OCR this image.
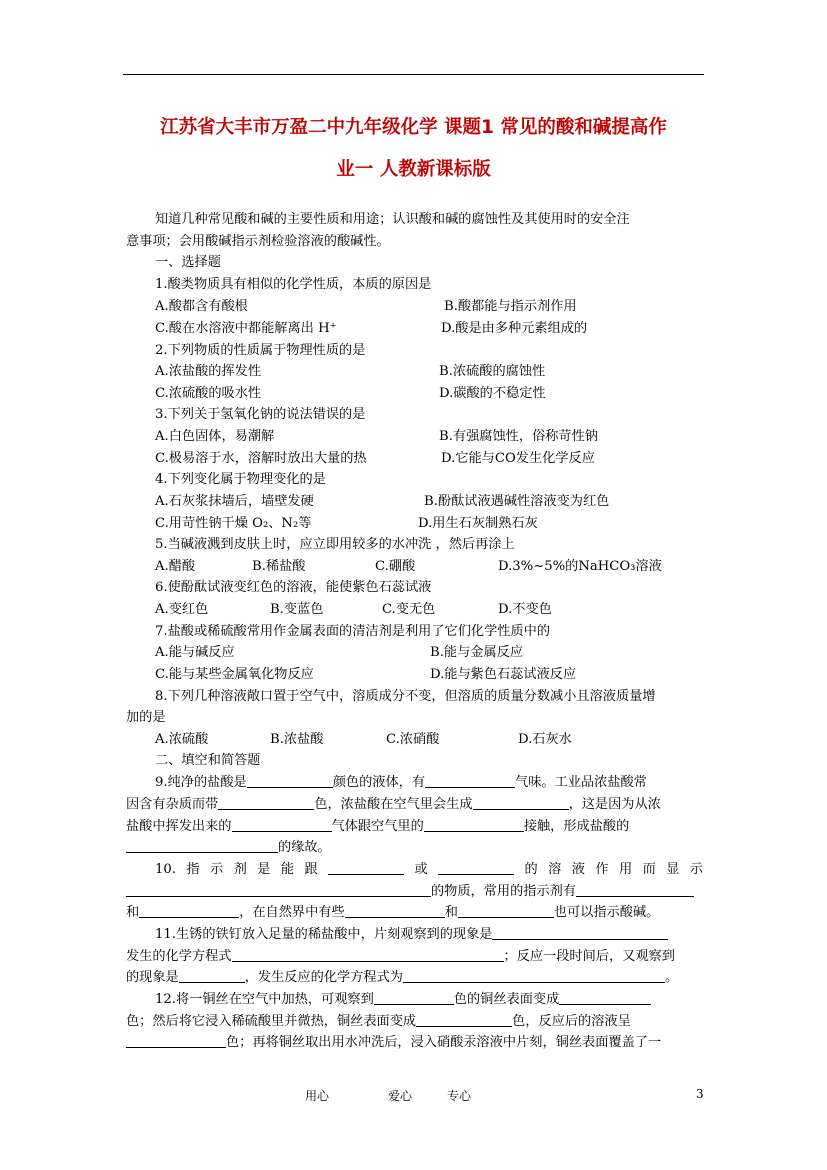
江苏省大丰市万盈二中九年级化学 课题1 常见的酸和碱提高作
业一 人教新课标版
知道几种常见酸和碱的主要性质和用途；认识酸和碱的腐蚀性及其使用时的安全注
意事项；会用酸碱指示剂检验溶液的酸碱性。
一、选择题
1.酸类物质具有相似的化学性质，本质的原因是
A.酸都含有酸根	B.酸都能与指示剂作用
C.酸在水溶液中都能解离出 H⁺	D.酸是由多种元素组成的
2.下列物质的性质属于物理性质的是
A.浓盐酸的挥发性	B.浓硫酸的腐蚀性
C.浓硫酸的吸水性	D.碳酸的不稳定性
3.下列关于氢氧化钠的说法错误的是
A.白色固体，易潮解	B.有强腐蚀性，俗称苛性钠
C.极易溶于水，溶解时放出大量的热	D.它能与CO发生化学反应
4.下列变化属于物理变化的是
A.石灰浆抹墙后，墙壁发硬	B.酚酞试液遇碱性溶液变为红色
C.用苛性钠干燥 O₂、N₂等	D.用生石灰制熟石灰
5.当碱液溅到皮肤上时，应立即用较多的水冲洗 ，然后再涂上
A.醋酸	B.稀盐酸	C.硼酸	D.3%~5%的NaHCO₃溶液
6.使酚酞试液变红色的溶液，能使紫色石蕊试液
A.变红色	B.变蓝色	C.变无色	D.不变色
7.盐酸或稀硫酸常用作金属表面的清洁剂是利用了它们化学性质中的
A.能与碱反应	B.能与金属反应
C.能与某些金属氧化物反应	D.能与紫色石蕊试液反应
8.下列几种溶液敞口置于空气中，溶质成分不变，但溶质的质量分数减小且溶液质量增
加的是
A.浓硫酸	B.浓盐酸	C.浓硝酸	D.石灰水
二、填空和简答题
9.纯净的盐酸是	颜色的液体，有	气味。工业品浓盐酸常
因含有杂质而带	色，浓盐酸在空气里会生成	，这是因为从浓
盐酸中挥发出来的	气体跟空气里的	接触，形成盐酸的
的缘故。
10. 指 示 剂 是 能 跟	或	的 溶 液 作 用 而 显 示
的物质，常用的指示剂有
和	，在自然界中有些	和	也可以指示酸碱。
11.生锈的铁钉放入足量的稀盐酸中，片刻观察到的现象是
发生的化学方程式	；反应一段时间后，又观察到
的现象是	，发生反应的化学方程式为	。
12.将一铜丝在空气中加热，可观察到	色的铜丝表面变成
色；然后将它浸入稀硫酸里并微热，铜丝表面变成	色，反应后的溶液呈
色；再将铜丝取出用水冲洗后，浸入硝酸汞溶液中片刻，铜丝表面覆盖了一
用心	爱心	专心	3
